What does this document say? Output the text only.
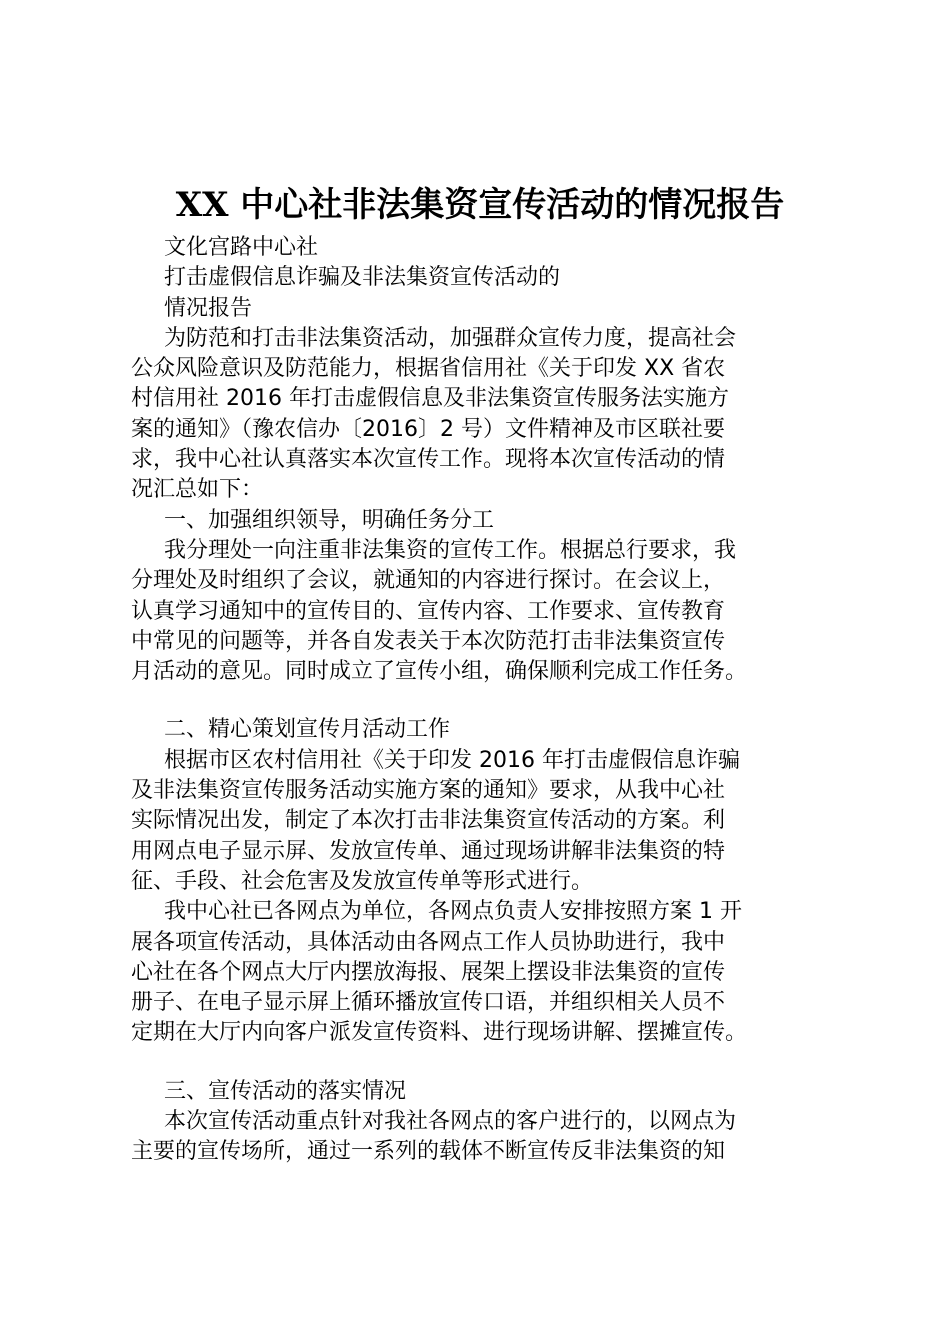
XX 中心社非法集资宣传活动的情况报告
文化宫路中心社
打击虚假信息诈骗及非法集资宣传活动的
情况报告
为防范和打击非法集资活动，加强群众宣传力度，提高社会
公众风险意识及防范能力，根据省信用社《关于印发 XX 省农
村信用社 2016 年打击虚假信息及非法集资宣传服务法实施方
案的通知》（豫农信办〔2016〕2 号）文件精神及市区联社要
求，我中心社认真落实本次宣传工作。现将本次宣传活动的情
况汇总如下：
一、加强组织领导，明确任务分工
我分理处一向注重非法集资的宣传工作。根据总行要求，我
分理处及时组织了会议，就通知的内容进行探讨。在会议上，
认真学习通知中的宣传目的、宣传内容、工作要求、宣传教育
中常见的问题等，并各自发表关于本次防范打击非法集资宣传
月活动的意见。同时成立了宣传小组，确保顺利完成工作任务。
二、精心策划宣传月活动工作
根据市区农村信用社《关于印发 2016 年打击虚假信息诈骗
及非法集资宣传服务活动实施方案的通知》要求，从我中心社
实际情况出发，制定了本次打击非法集资宣传活动的方案。利
用网点电子显示屏、发放宣传单、通过现场讲解非法集资的特
征、手段、社会危害及发放宣传单等形式进行。
我中心社已各网点为单位，各网点负责人安排按照方案 1 开
展各项宣传活动，具体活动由各网点工作人员协助进行，我中
心社在各个网点大厅内摆放海报、展架上摆设非法集资的宣传
册子、在电子显示屏上循环播放宣传口语，并组织相关人员不
定期在大厅内向客户派发宣传资料、进行现场讲解、摆摊宣传。
三、宣传活动的落实情况
本次宣传活动重点针对我社各网点的客户进行的，以网点为
主要的宣传场所，通过一系列的载体不断宣传反非法集资的知
